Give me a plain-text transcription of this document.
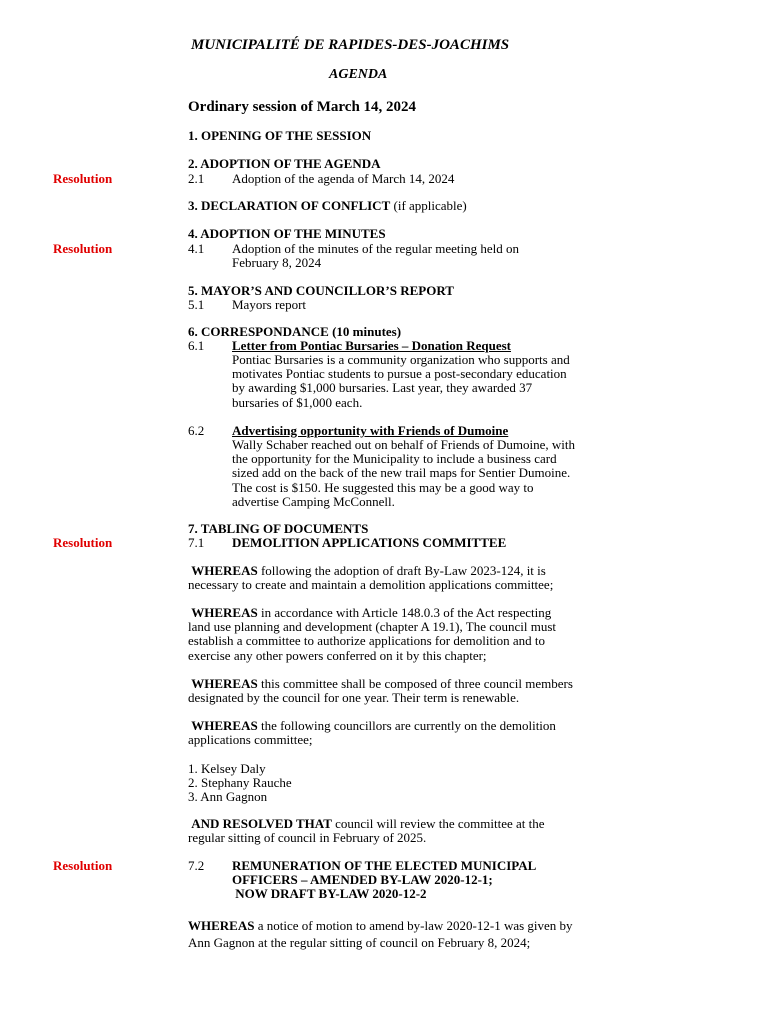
MUNICIPALITÉ DE RAPIDES-DES-JOACHIMS
AGENDA
Ordinary session of March 14, 2024
1. OPENING OF THE SESSION
2. ADOPTION OF THE AGENDA
Resolution	2.1 Adoption of the agenda of March 14, 2024
3. DECLARATION OF CONFLICT (if applicable)
4. ADOPTION OF THE MINUTES
Resolution	4.1 Adoption of the minutes of the regular meeting held on
February 8, 2024
5. MAYOR’S AND COUNCILLOR’S REPORT
5.1 Mayors report
6. CORRESPONDANCE (10 minutes)
6.1 Letter from Pontiac Bursaries – Donation Request
Pontiac Bursaries is a community organization who supports and
motivates Pontiac students to pursue a post-secondary education
by awarding $1,000 bursaries. Last year, they awarded 37
bursaries of $1,000 each.
6.2 Advertising opportunity with Friends of Dumoine
Wally Schaber reached out on behalf of Friends of Dumoine, with
the opportunity for the Municipality to include a business card
sized add on the back of the new trail maps for Sentier Dumoine.
The cost is $150. He suggested this may be a good way to
advertise Camping McConnell.
7. TABLING OF DOCUMENTS
Resolution	7.1 DEMOLITION APPLICATIONS COMMITTEE
WHEREAS following the adoption of draft By-Law 2023-124, it is
necessary to create and maintain a demolition applications committee;
WHEREAS in accordance with Article 148.0.3 of the Act respecting
land use planning and development (chapter A 19.1), The council must
establish a committee to authorize applications for demolition and to
exercise any other powers conferred on it by this chapter;
WHEREAS this committee shall be composed of three council members
designated by the council for one year. Their term is renewable.
WHEREAS the following councillors are currently on the demolition
applications committee;
1. Kelsey Daly
2. Stephany Rauche
3. Ann Gagnon
AND RESOLVED THAT council will review the committee at the
regular sitting of council in February of 2025.
Resolution	7.2 REMUNERATION OF THE ELECTED MUNICIPAL
OFFICERS – AMENDED BY-LAW 2020-12-1;
NOW DRAFT BY-LAW 2020-12-2
WHEREAS a notice of motion to amend by-law 2020-12-1 was given by
Ann Gagnon at the regular sitting of council on February 8, 2024;
